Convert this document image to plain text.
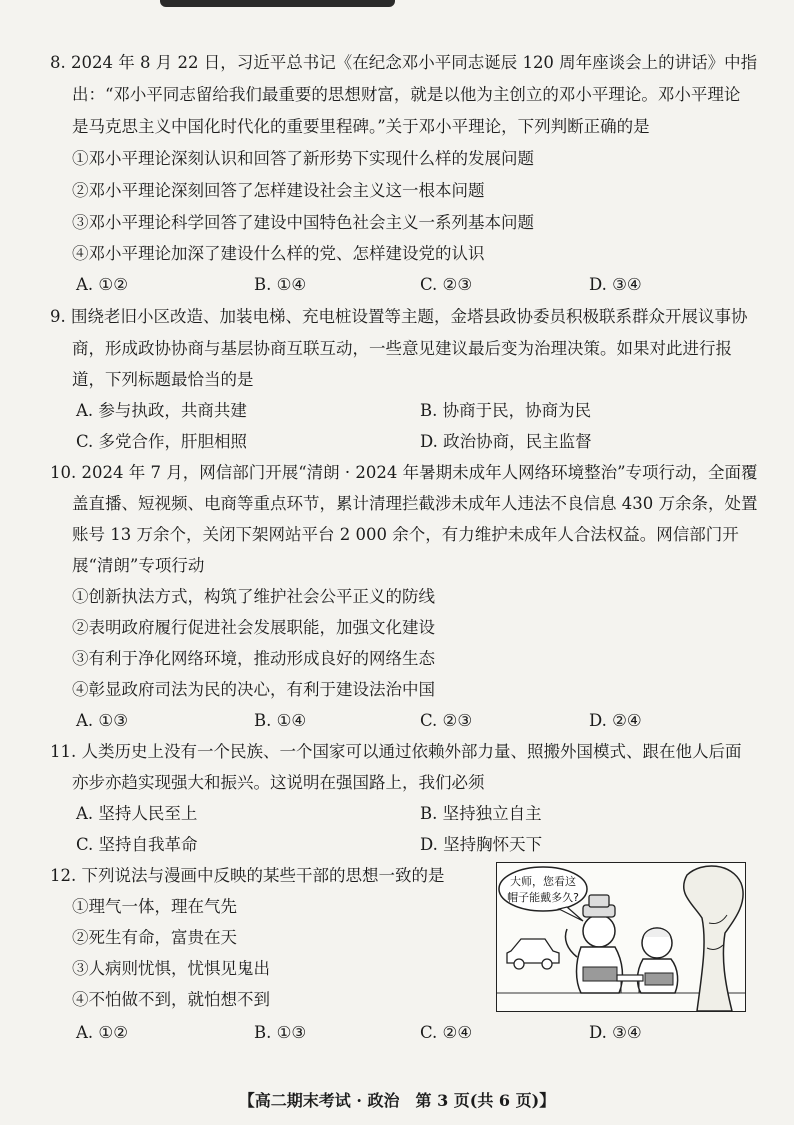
8. 2024 年 8 月 22 日，习近平总书记《在纪念邓小平同志诞辰 120 周年座谈会上的讲话》中指
出：“邓小平同志留给我们最重要的思想财富，就是以他为主创立的邓小平理论。邓小平理论
是马克思主义中国化时代化的重要里程碑。”关于邓小平理论，下列判断正确的是
①邓小平理论深刻认识和回答了新形势下实现什么样的发展问题
②邓小平理论深刻回答了怎样建设社会主义这一根本问题
③邓小平理论科学回答了建设中国特色社会主义一系列基本问题
④邓小平理论加深了建设什么样的党、怎样建设党的认识
A. ①②	B. ①④	C. ②③	D. ③④
9. 围绕老旧小区改造、加装电梯、充电桩设置等主题，金塔县政协委员积极联系群众开展议事协
商，形成政协协商与基层协商互联互动，一些意见建议最后变为治理决策。如果对此进行报
道，下列标题最恰当的是
A. 参与执政，共商共建	B. 协商于民，协商为民
C. 多党合作，肝胆相照	D. 政治协商，民主监督
10. 2024 年 7 月，网信部门开展“清朗 · 2024 年暑期未成年人网络环境整治”专项行动，全面覆
盖直播、短视频、电商等重点环节，累计清理拦截涉未成年人违法不良信息 430 万余条，处置
账号 13 万余个，关闭下架网站平台 2 000 余个，有力维护未成年人合法权益。网信部门开
展“清朗”专项行动
①创新执法方式，构筑了维护社会公平正义的防线
②表明政府履行促进社会发展职能，加强文化建设
③有利于净化网络环境，推动形成良好的网络生态
④彰显政府司法为民的决心，有利于建设法治中国
A. ①③	B. ①④	C. ②③	D. ②④
11. 人类历史上没有一个民族、一个国家可以通过依赖外部力量、照搬外国模式、跟在他人后面
亦步亦趋实现强大和振兴。这说明在强国路上，我们必须
A. 坚持人民至上	B. 坚持独立自主
C. 坚持自我革命	D. 坚持胸怀天下
12. 下列说法与漫画中反映的某些干部的思想一致的是
①理气一体，理在气先
②死生有命，富贵在天
③人病则忧惧，忧惧见鬼出
④不怕做不到，就怕想不到
A. ①②	B. ①③	C. ②④	D. ③④
大师，您看这
帽子能戴多久?
【高二期末考试 · 政治　第 3 页(共 6 页)】
